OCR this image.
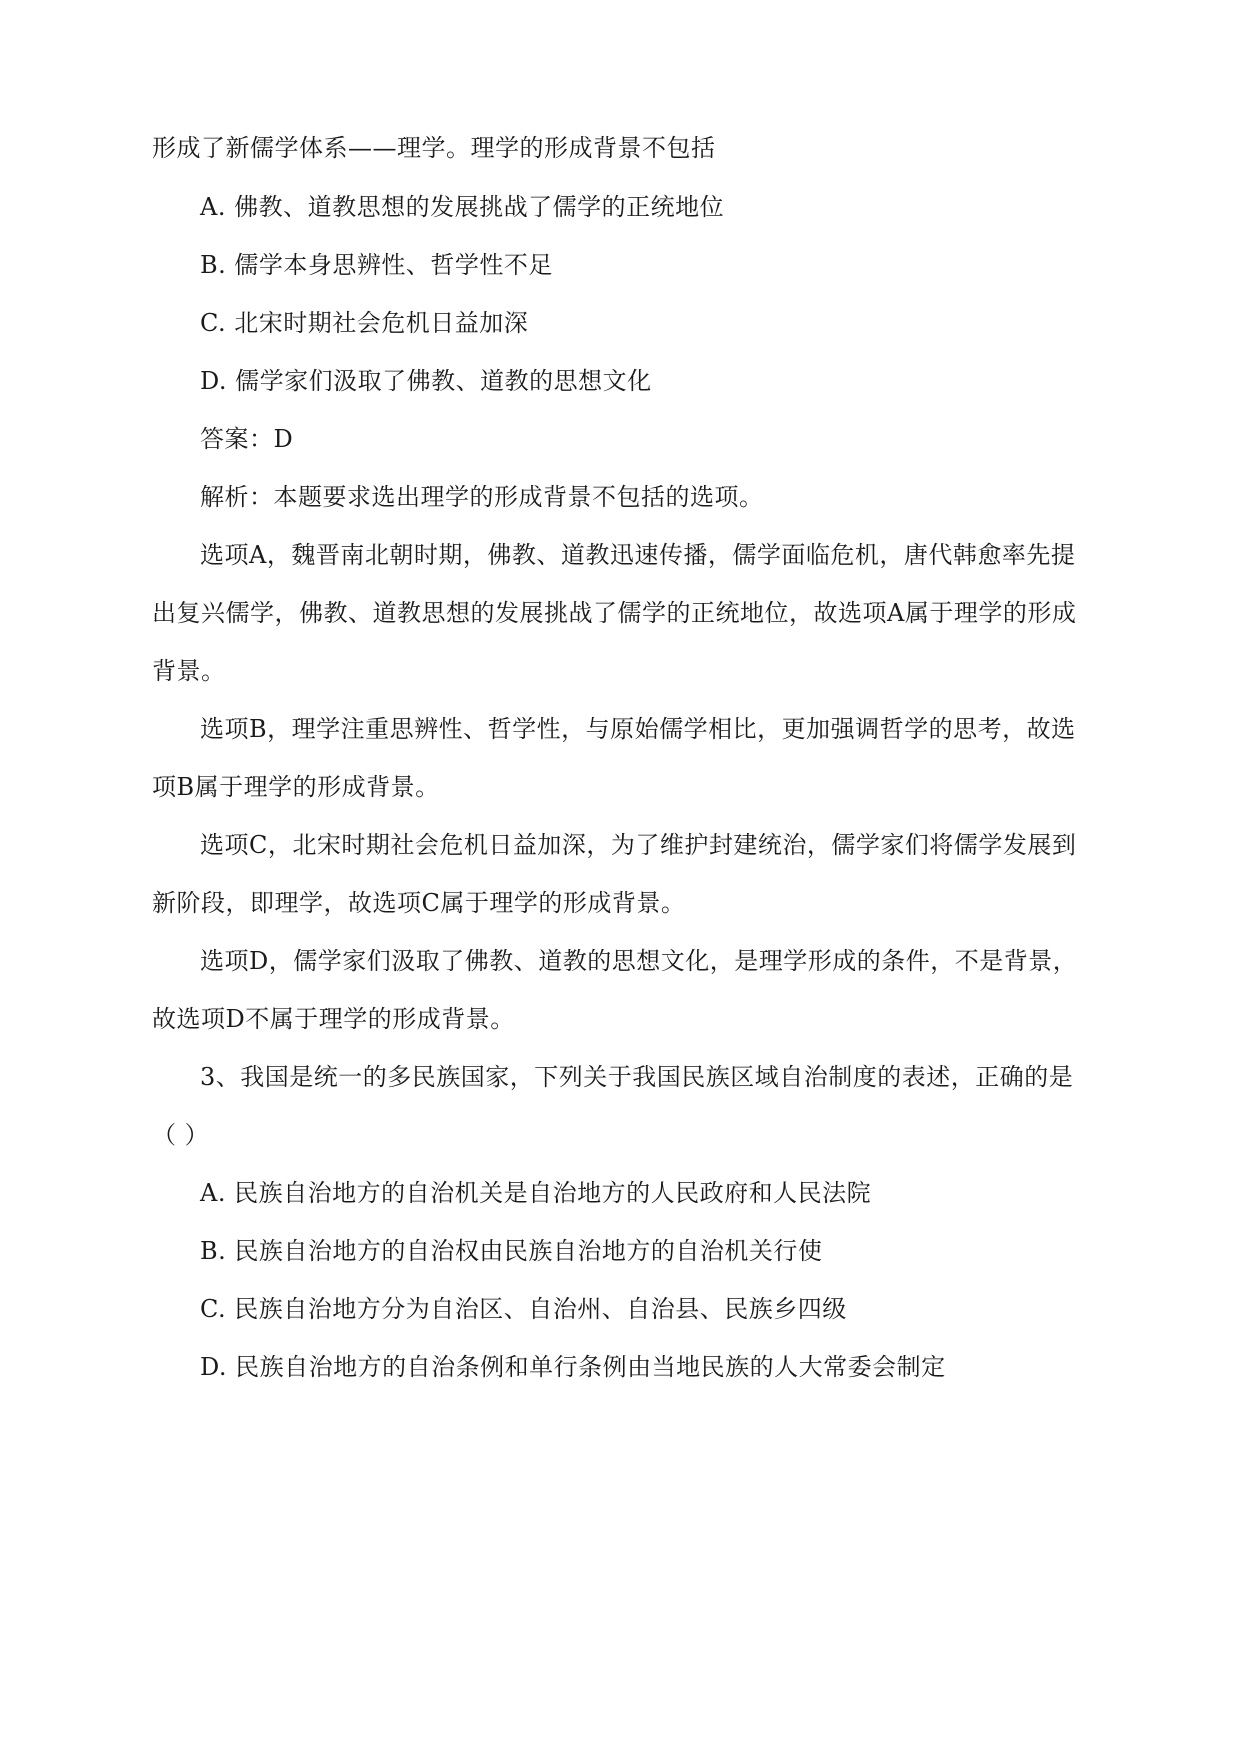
形成了新儒学体系——理学。理学的形成背景不包括
A. 佛教、道教思想的发展挑战了儒学的正统地位
B. 儒学本身思辨性、哲学性不足
C. 北宋时期社会危机日益加深
D. 儒学家们汲取了佛教、道教的思想文化
答案：D
解析：本题要求选出理学的形成背景不包括的选项。
选项A，魏晋南北朝时期，佛教、道教迅速传播，儒学面临危机，唐代韩愈率先提
出复兴儒学，佛教、道教思想的发展挑战了儒学的正统地位，故选项A属于理学的形成
背景。
选项B，理学注重思辨性、哲学性，与原始儒学相比，更加强调哲学的思考，故选
项B属于理学的形成背景。
选项C，北宋时期社会危机日益加深，为了维护封建统治，儒学家们将儒学发展到
新阶段，即理学，故选项C属于理学的形成背景。
选项D，儒学家们汲取了佛教、道教的思想文化，是理学形成的条件，不是背景，
故选项D不属于理学的形成背景。
3、我国是统一的多民族国家，下列关于我国民族区域自治制度的表述，正确的是
（ ）
A. 民族自治地方的自治机关是自治地方的人民政府和人民法院
B. 民族自治地方的自治权由民族自治地方的自治机关行使
C. 民族自治地方分为自治区、自治州、自治县、民族乡四级
D. 民族自治地方的自治条例和单行条例由当地民族的人大常委会制定
